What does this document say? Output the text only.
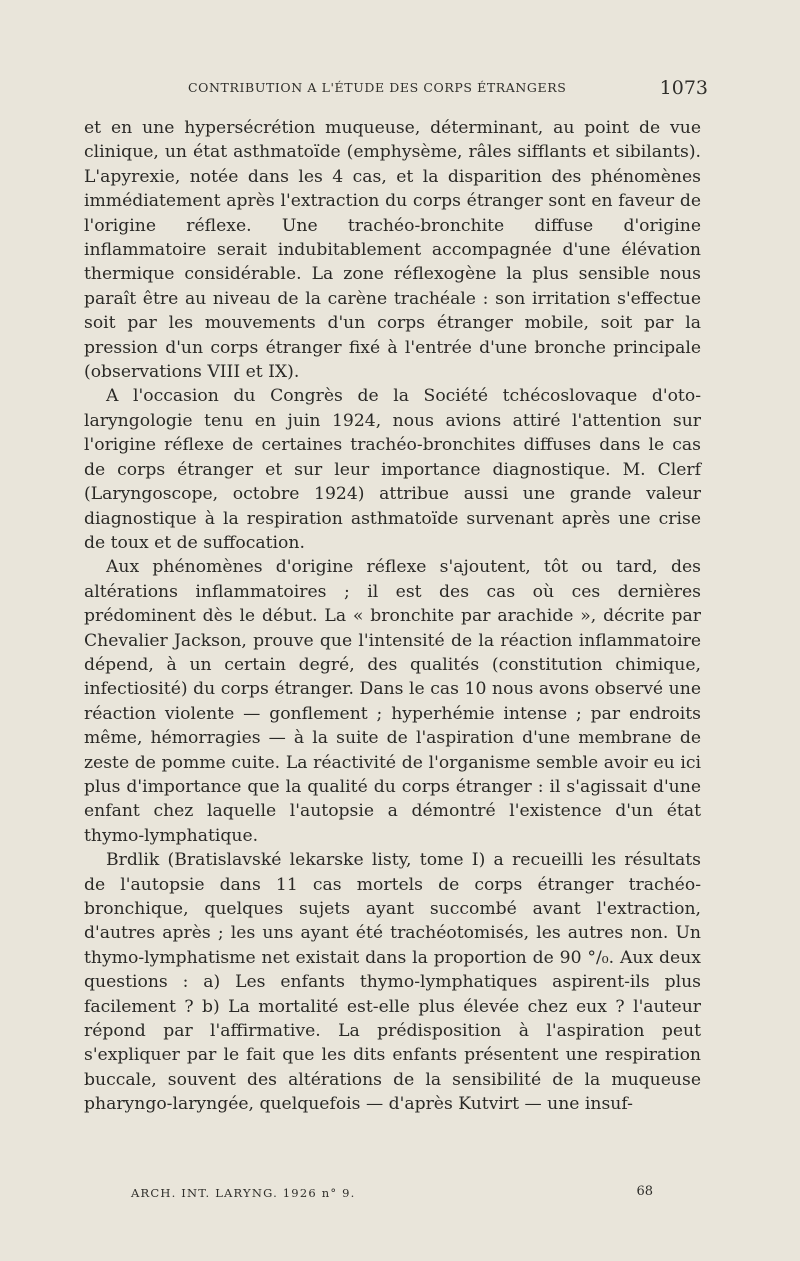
CONTRIBUTION A L'ÉTUDE DES CORPS ÉTRANGERS	1073

et en une hypersécrétion muqueuse, déterminant, au point de vue clinique, un état asthmatoïde (emphysème, râles sifflants et sibilants). L'apyrexie, notée dans les 4 cas, et la disparition des phénomènes immédiatement après l'extraction du corps étranger sont en faveur de l'origine réflexe. Une trachéo-bronchite diffuse d'origine inflammatoire serait indubitablement accompagnée d'une élévation thermique considérable. La zone réflexogène la plus sensible nous paraît être au niveau de la carène trachéale : son irritation s'effectue soit par les mouvements d'un corps étranger mobile, soit par la pression d'un corps étranger fixé à l'entrée d'une bronche principale (observations VIII et IX).

A l'occasion du Congrès de la Société tchécoslovaque d'oto-laryngologie tenu en juin 1924, nous avions attiré l'attention sur l'origine réflexe de certaines trachéo-bronchites diffuses dans le cas de corps étranger et sur leur importance diagnostique. M. Clerf (Laryngoscope, octobre 1924) attribue aussi une grande valeur diagnostique à la respiration asthmatoïde survenant après une crise de toux et de suffocation.

Aux phénomènes d'origine réflexe s'ajoutent, tôt ou tard, des altérations inflammatoires ; il est des cas où ces dernières prédominent dès le début. La « bronchite par arachide », décrite par Chevalier Jackson, prouve que l'intensité de la réaction inflammatoire dépend, à un certain degré, des qualités (constitution chimique, infectiosité) du corps étranger. Dans le cas 10 nous avons observé une réaction violente — gonflement ; hyperhémie intense ; par endroits même, hémorragies — à la suite de l'aspiration d'une membrane de zeste de pomme cuite. La réactivité de l'organisme semble avoir eu ici plus d'importance que la qualité du corps étranger : il s'agissait d'une enfant chez laquelle l'autopsie a démontré l'existence d'un état thymo-lymphatique.

Brdlik (Bratislavské lekarske listy, tome I) a recueilli les résultats de l'autopsie dans 11 cas mortels de corps étranger trachéo-bronchique, quelques sujets ayant succombé avant l'extraction, d'autres après ; les uns ayant été trachéotomisés, les autres non. Un thymo-lymphatisme net existait dans la proportion de 90 °/₀. Aux deux questions : a) Les enfants thymo-lymphatiques aspirent-ils plus facilement ? b) La mortalité est-elle plus élevée chez eux ? l'auteur répond par l'affirmative. La prédisposition à l'aspiration peut s'expliquer par le fait que les dits enfants présentent une respiration buccale, souvent des altérations de la sensibilité de la muqueuse pharyngo-laryngée, quelquefois — d'après Kutvirt — une insuf-

ARCH. INT. LARYNG. 1926 n° 9.	68
